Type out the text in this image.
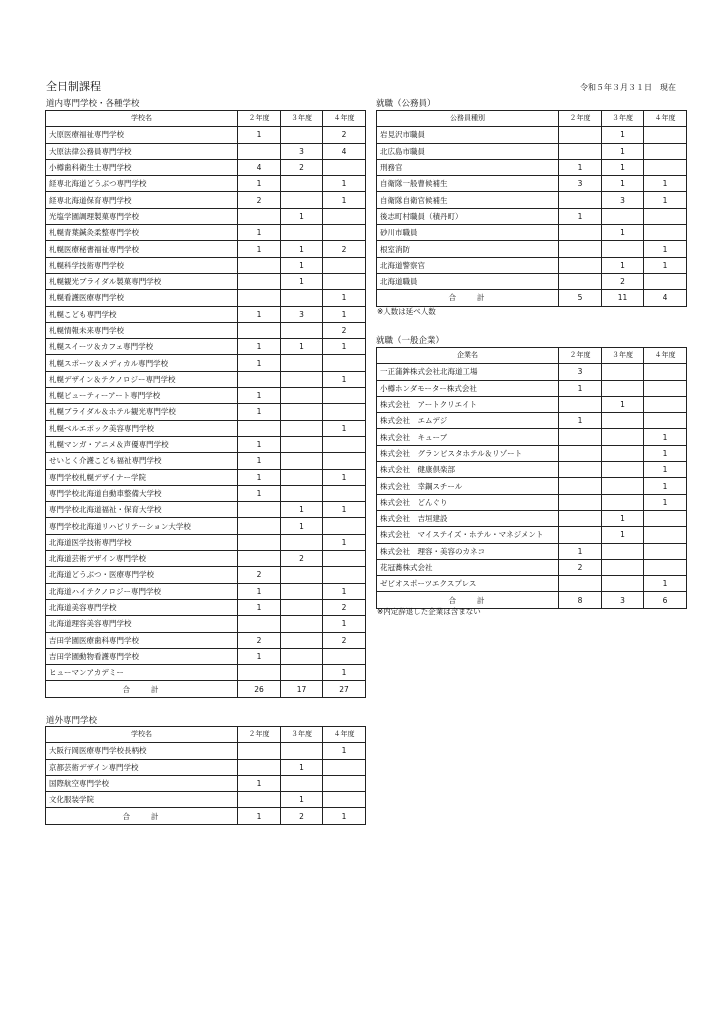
全日制課程	令和５年３月３１日　現在
道内専門学校・各種学校
学校名	２年度	３年度	４年度
大原医療福祉専門学校	1		2
大原法律公務員専門学校		3	4
小樽歯科衛生士専門学校	4	2	
経専北海道どうぶつ専門学校	1		1
経専北海道保育専門学校	2		1
光塩学園調理製菓専門学校		1	
札幌青葉鍼灸柔整専門学校	1		
札幌医療秘書福祉専門学校	1	1	2
札幌科学技術専門学校		1	
札幌観光ブライダル製菓専門学校		1	
札幌看護医療専門学校			1
札幌こども専門学校	1	3	1
札幌情報未来専門学校			2
札幌スイーツ＆カフェ専門学校	1	1	1
札幌スポーツ＆メディカル専門学校	1		
札幌デザイン＆テクノロジー専門学校			1
札幌ビューティーアート専門学校	1		
札幌ブライダル＆ホテル観光専門学校	1		
札幌ベルエポック美容専門学校			1
札幌マンガ・アニメ＆声優専門学校	1		
せいとく介護こども福祉専門学校	1		
専門学校札幌デザイナー学院	1		1
専門学校北海道自動車整備大学校	1		
専門学校北海道福祉・保育大学校		1	1
専門学校北海道リハビリテーション大学校		1	
北海道医学技術専門学校			1
北海道芸術デザイン専門学校		2	
北海道どうぶつ・医療専門学校	2		
北海道ハイテクノロジー専門学校	1		1
北海道美容専門学校	1		2
北海道理容美容専門学校			1
吉田学園医療歯科専門学校	2		2
吉田学園動物看護専門学校	1		
ヒューマンアカデミー			1
合　　計	26	17	27
道外専門学校
学校名	２年度	３年度	４年度
大阪行岡医療専門学校長柄校			1
京都芸術デザイン専門学校		1	
国際航空専門学校	1		
文化服装学院		1	
合　　計	1	2	1
就職（公務員）
公務員種別	２年度	３年度	４年度
岩見沢市職員		1	
北広島市職員		1	
刑務官	1	1	
自衛隊一般曹候補生	3	1	1
自衛隊自衛官候補生		3	1
後志町村職員（積丹町）	1		
砂川市職員		1	
根室消防			1
北海道警察官		1	1
北海道職員		2	
合　　計	5	11	4
※人数は延べ人数
就職（一般企業）
企業名	２年度	３年度	４年度
一正蒲鉾株式会社北海道工場	3		
小樽ホンダモーター株式会社	1		
株式会社　アートクリエイト		1	
株式会社　エムデジ	1		
株式会社　キューブ			1
株式会社　グランビスタホテル＆リゾート			1
株式会社　健康倶楽部			1
株式会社　幸鋼スチール			1
株式会社　どんぐり			1
株式会社　吉垣建設		1	
株式会社　マイステイズ・ホテル・マネジメント		1	
株式会社　理容・美容のカネコ	1		
花冠蕎株式会社	2		
ゼビオスポーツエクスプレス			1
合　　計	8	3	6
※内定辞退した企業は含まない
